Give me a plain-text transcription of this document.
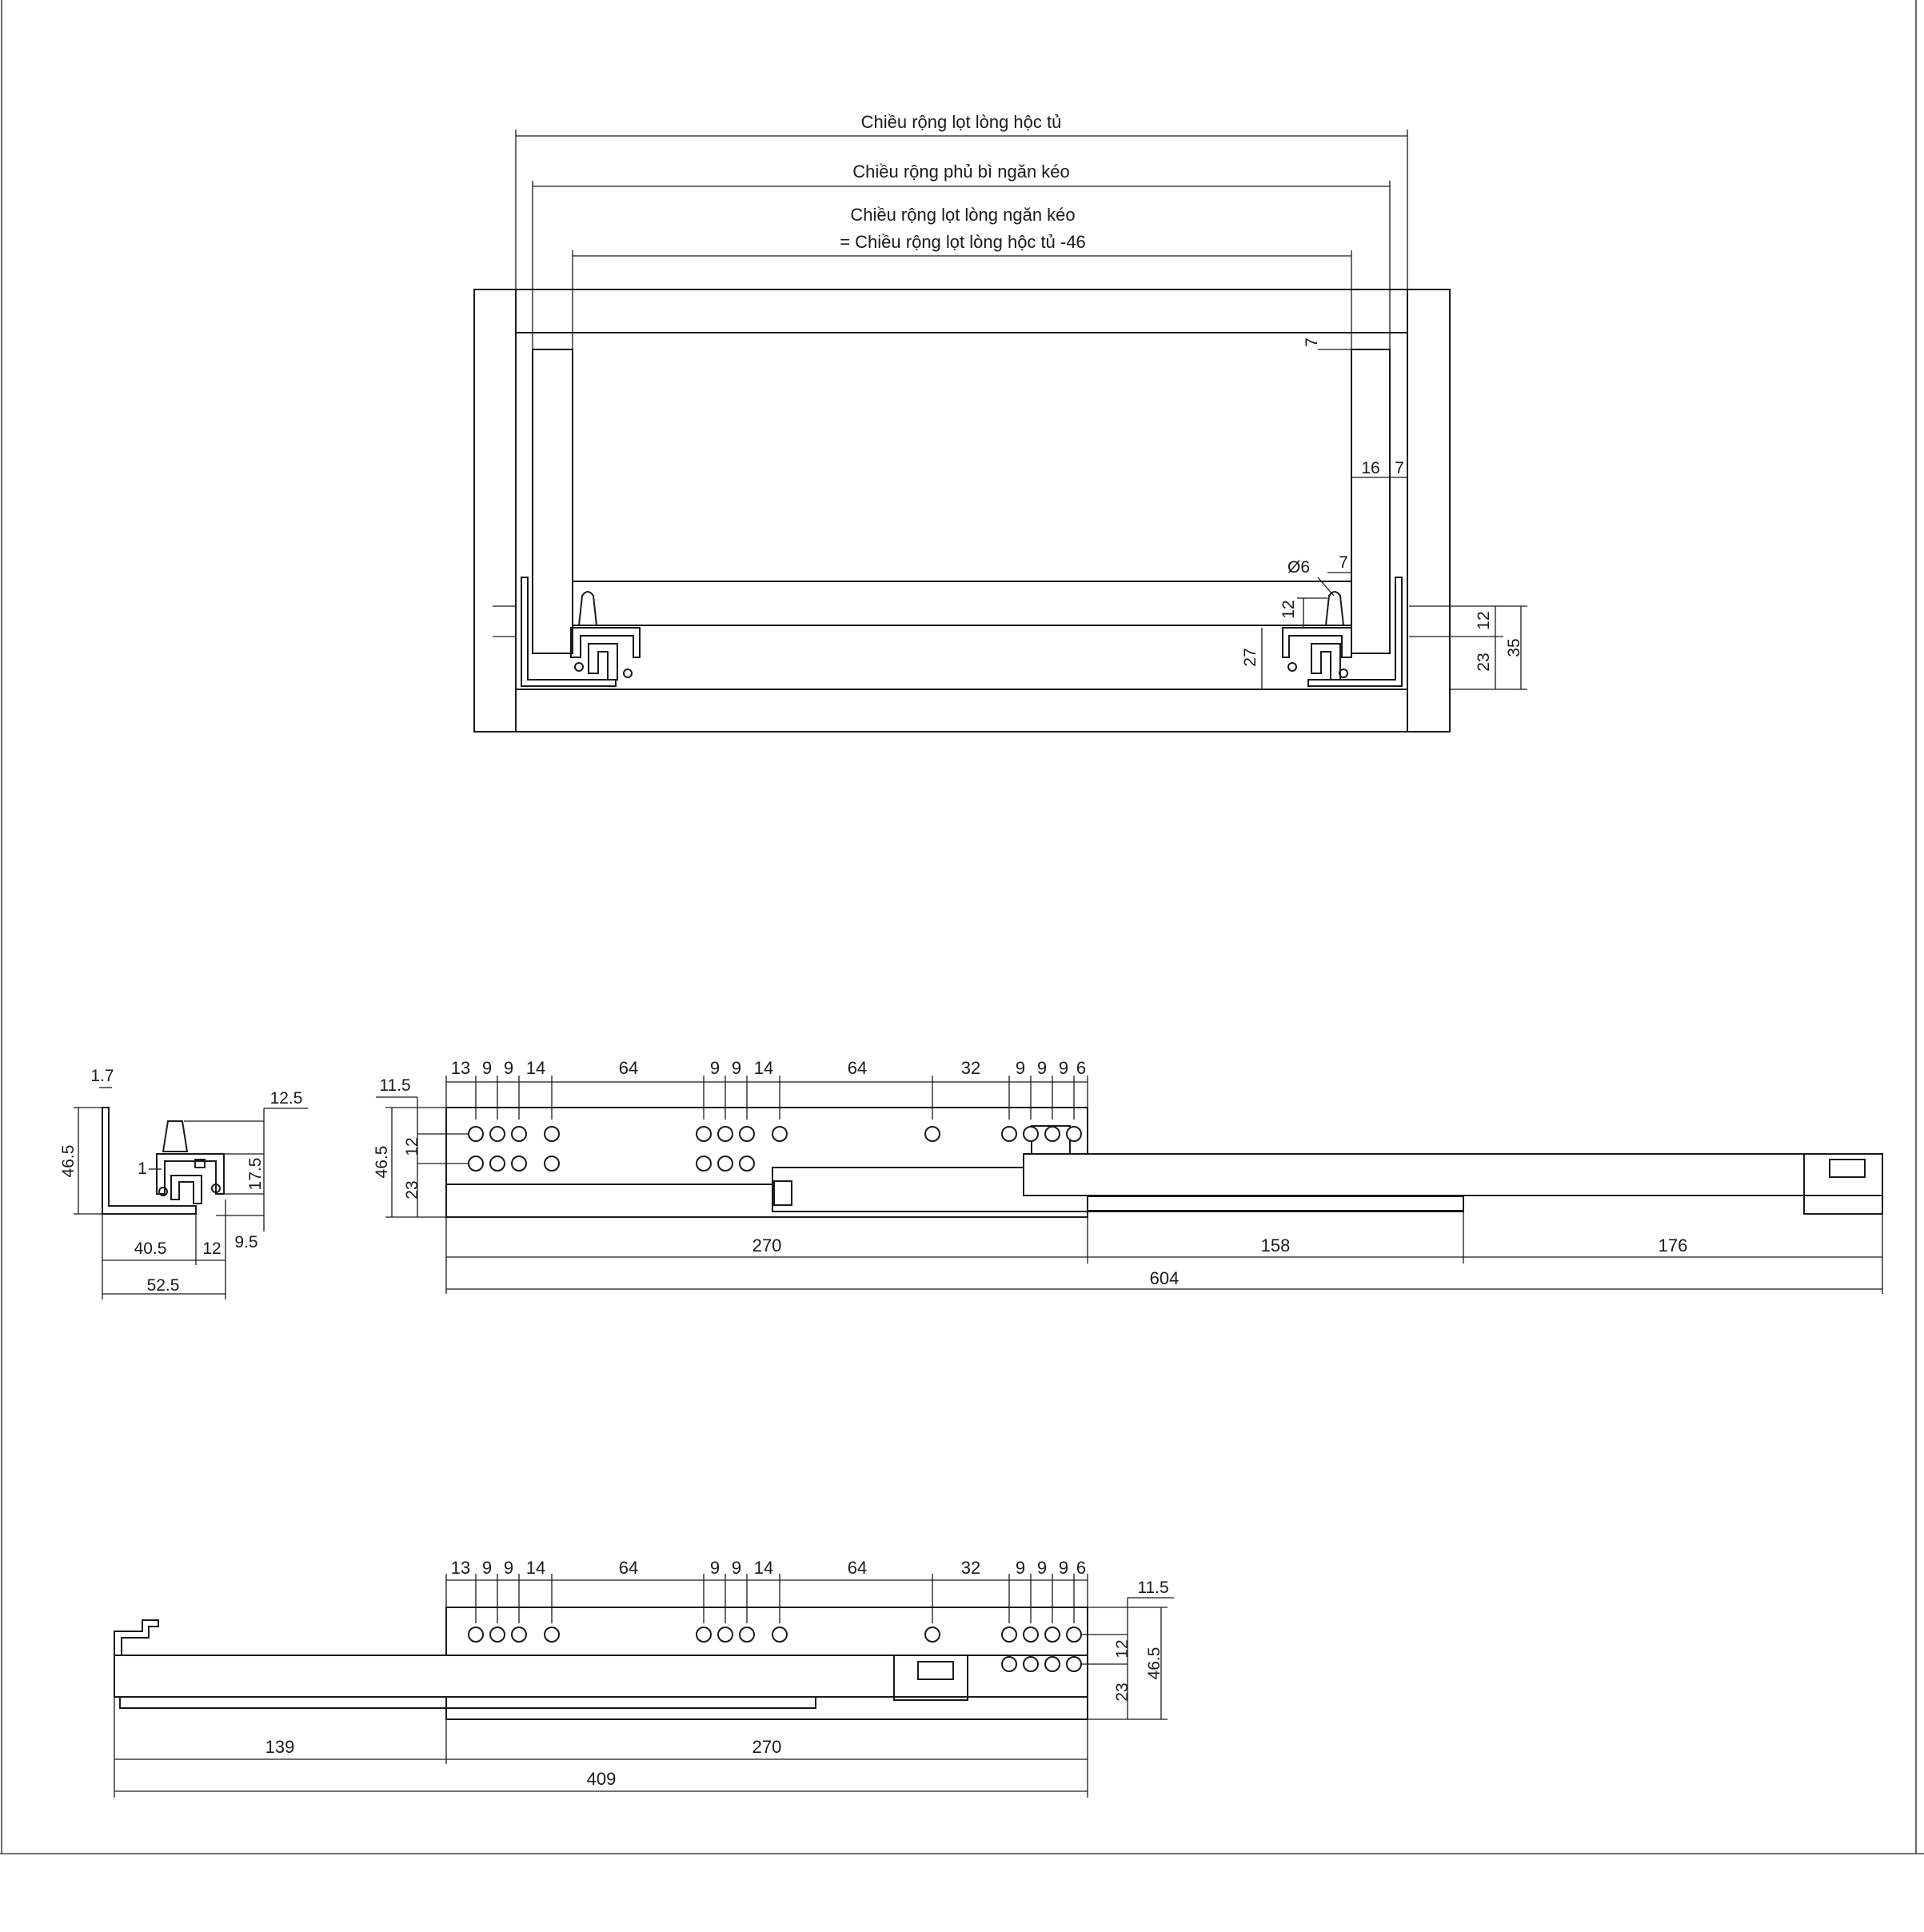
Chiều rộng lọt lòng hộc tủ
Chiều rộng phủ bì ngăn kéo
Chiều rộng lọt lòng ngăn kéo
= Chiều rộng lọt lòng hộc tủ -46
7
16 7
Ø6 7
12
27
12
23
35
1.7
12.5
46.5	1	17.5
9.5
40.5 12
52.5
13 9 9 14	64	9 9 14	64	32 9 9 9 6
11.5
46.5 12
23
270	158	176
604
13 9 9 14	64	9 9 14	64	32 9 9 9 6
11.5
46.5
12
23
139	270
409
